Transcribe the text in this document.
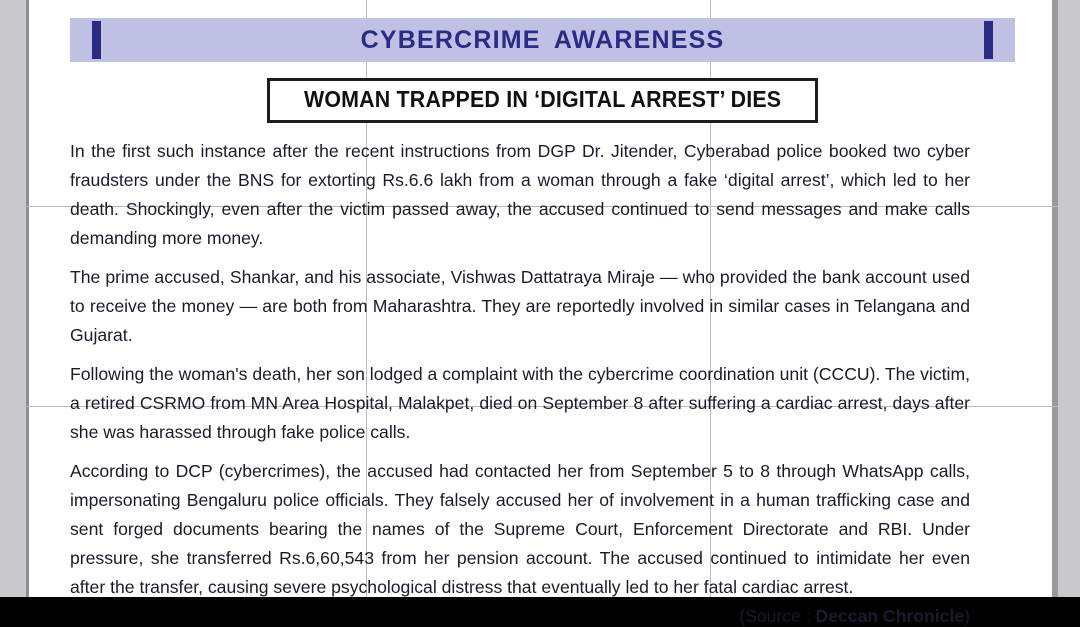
CYBERCRIME AWARENESS
WOMAN TRAPPED IN ‘DIGITAL ARREST’ DIES

In the first such instance after the recent instructions from DGP Dr. Jitender, Cyberabad police booked two cyber fraudsters under the BNS for extorting Rs.6.6 lakh from a woman through a fake ‘digital arrest’, which led to her death. Shockingly, even after the victim passed away, the accused continued to send messages and make calls demanding more money.

The prime accused, Shankar, and his associate, Vishwas Dattatraya Miraje — who provided the bank account used to receive the money — are both from Maharashtra. They are reportedly involved in similar cases in Telangana and Gujarat.

Following the woman's death, her son lodged a complaint with the cybercrime coordination unit (CCCU). The victim, a retired CSRMO from MN Area Hospital, Malakpet, died on September 8 after suffering a cardiac arrest, days after she was harassed through fake police calls.

According to DCP (cybercrimes), the accused had contacted her from September 5 to 8 through WhatsApp calls, impersonating Bengaluru police officials. They falsely accused her of involvement in a human trafficking case and sent forged documents bearing the names of the Supreme Court, Enforcement Directorate and RBI. Under pressure, she transferred Rs.6,60,543 from her pension account. The accused continued to intimidate her even after the transfer, causing severe psychological distress that eventually led to her fatal cardiac arrest.

(Source : Deccan Chronicle)
